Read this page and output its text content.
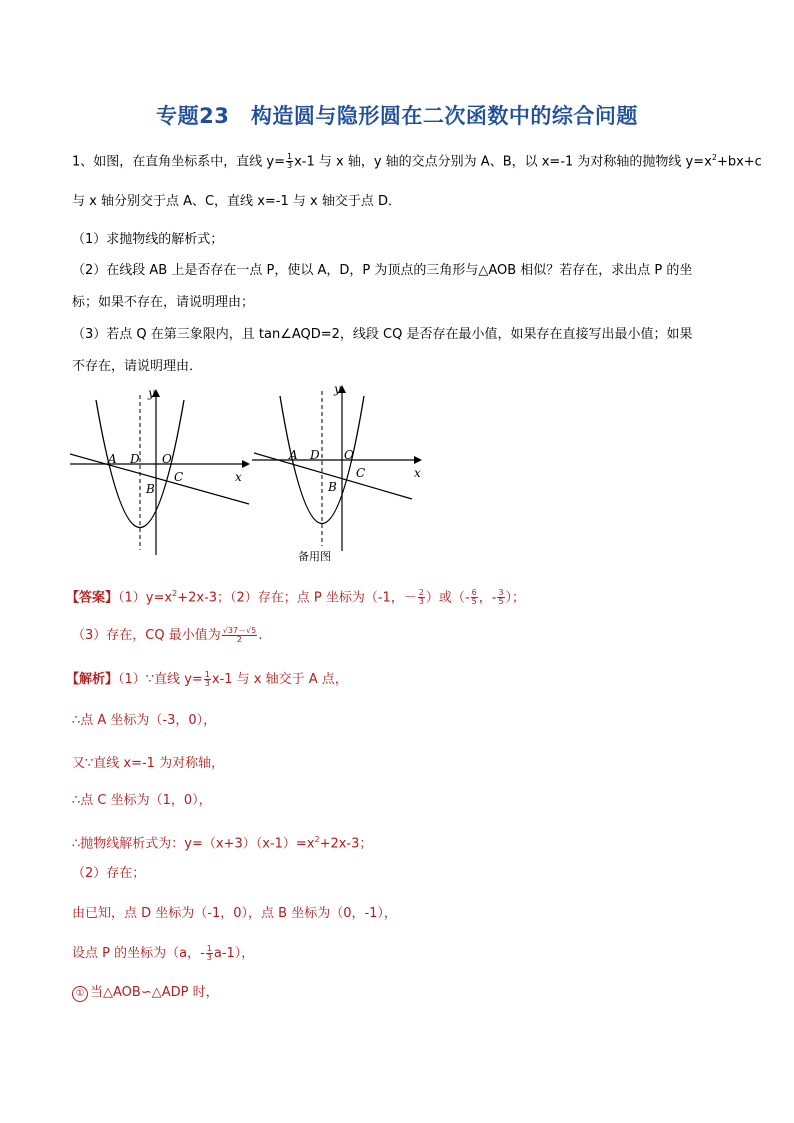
专题23　构造圆与隐形圆在二次函数中的综合问题
1、如图，在直角坐标系中，直线 $y= \frac{1}{3} x-1$ 与 x 轴，y 轴的交点分别为 A、B，以 x=-1 为对称轴的抛物线 $y=x^2+bx+c$
与 x 轴分别交于点 A、C，直线 x=-1 与 x 轴交于点 D．
（1）求抛物线的解析式；
（2）在线段 AB 上是否存在一点 P，使以 A，D，P 为顶点的三角形与△AOB 相似？若存在，求出点 P 的坐
标；如果不存在，请说明理由；
（3）若点 Q 在第三象限内，且 tan∠AQD=2，线段 CQ 是否存在最小值，如果存在直接写出最小值；如果
不存在，请说明理由．
y
x
A D O
C
B
y
x
A D O
C
B
备用图
【答案】$(1)y=x^2+2x-3$；（2）存在；点 P 坐标为（-1，－ $\frac{2}{3}$ ）或（- $\frac{6}{5}$ ，- $\frac{3}{5}$ ）；
（3）存在，CQ 最小值为 $\frac{√37-√5}{2}$ .
【解析】（1）∵直线 $y= \frac{1}{3} x-1$ 与 x 轴交于 A 点，
∴点 A 坐标为（-3，0），
又∵直线 x=-1 为对称轴，
∴点 C 坐标为（1，0），
∴抛物线解析式为：$y=(x+3)(x-1)=x^2+2x-3$；
（2）存在；
由已知，点 D 坐标为（-1，0），点 B 坐标为（0，-1），
设点 P 的坐标为（a，- $\frac{1}{3} a-1$），
① 当△AOB∽△ADP 时，
